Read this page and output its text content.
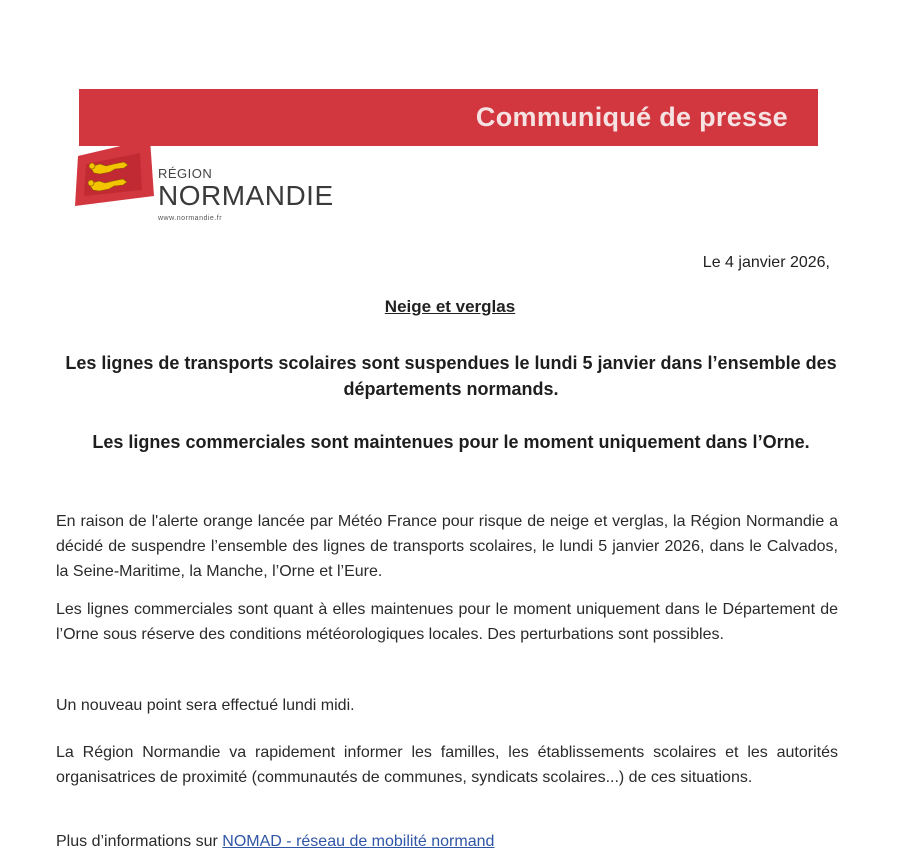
Communiqué de presse
RÉGION
NORMANDIE
www.normandie.fr
Le 4 janvier 2026,
Neige et verglas
Les lignes de transports scolaires sont suspendues le lundi 5 janvier dans l’ensemble des départements normands.
Les lignes commerciales sont maintenues pour le moment uniquement dans l’Orne.
En raison de l'alerte orange lancée par Météo France pour risque de neige et verglas, la Région Normandie a décidé de suspendre l’ensemble des lignes de transports scolaires, le lundi 5 janvier 2026, dans le Calvados, la Seine-Maritime, la Manche, l’Orne et l’Eure.
Les lignes commerciales sont quant à elles maintenues pour le moment uniquement dans le Département de l’Orne sous réserve des conditions météorologiques locales. Des perturbations sont possibles.
Un nouveau point sera effectué lundi midi.
La Région Normandie va rapidement informer les familles, les établissements scolaires et les autorités organisatrices de proximité (communautés de communes, syndicats scolaires...) de ces situations.
Plus d’informations sur NOMAD - réseau de mobilité normand
